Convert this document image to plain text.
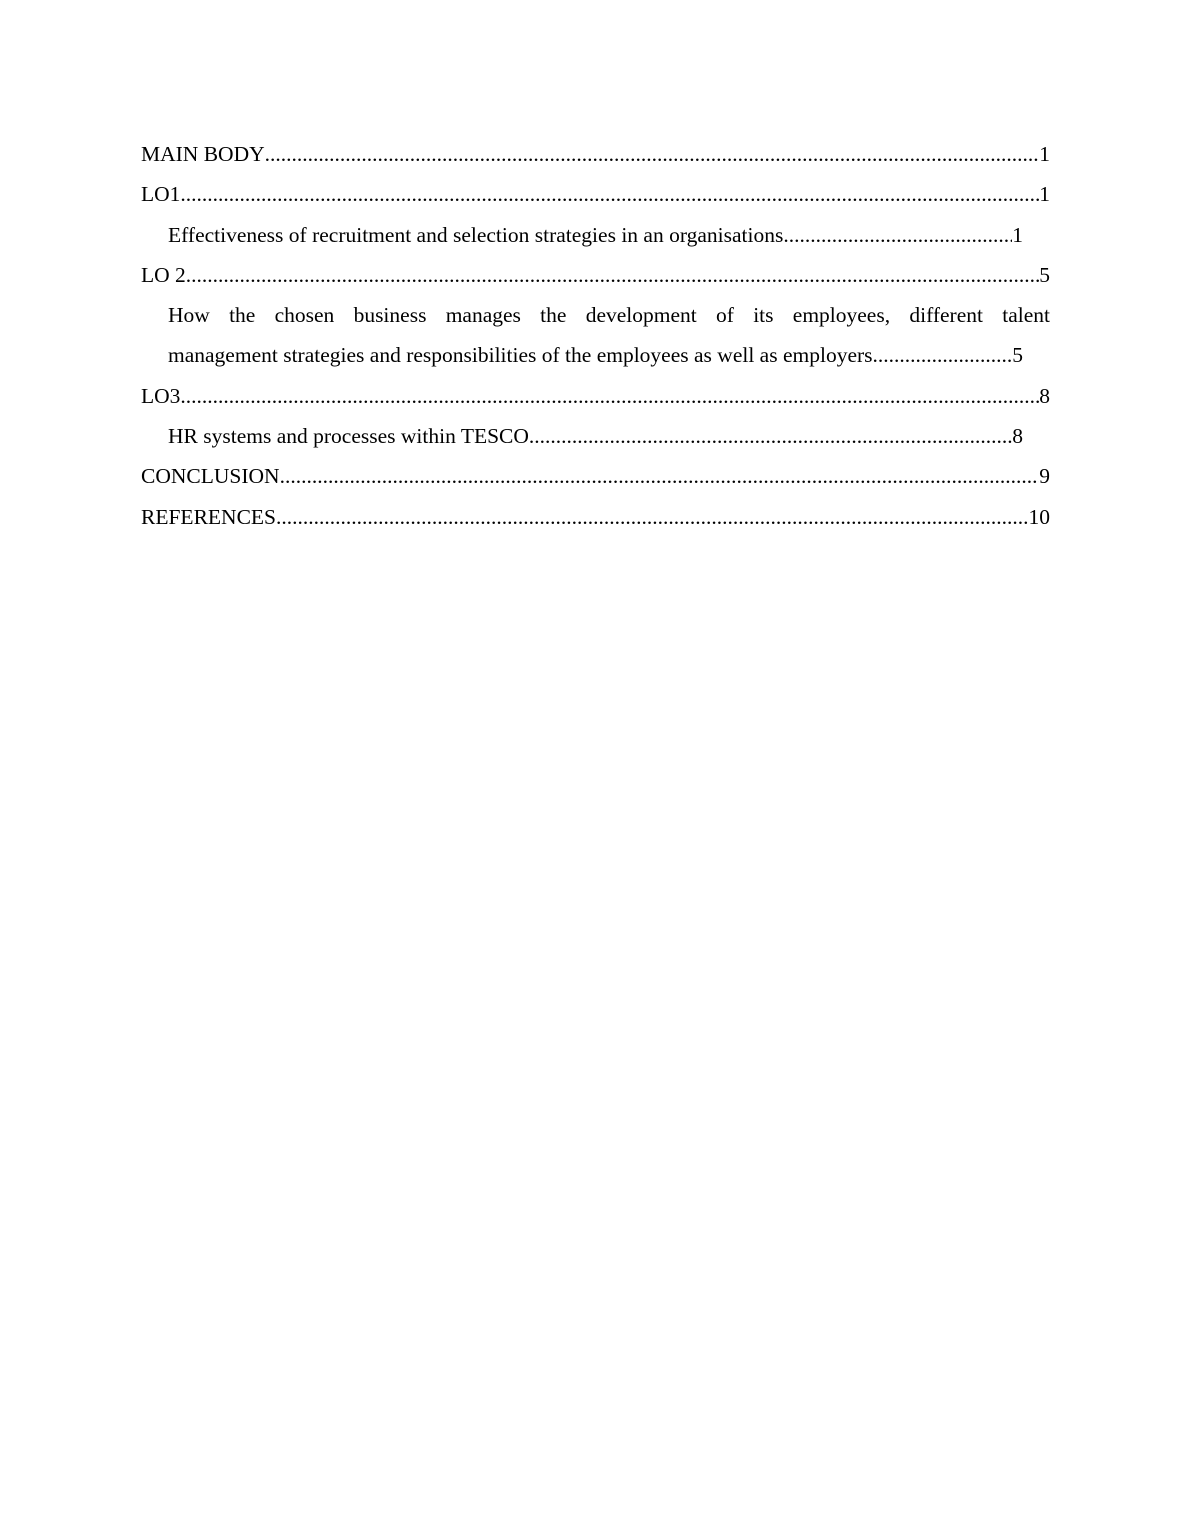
MAIN BODY .....	1
LO1 .....	1
Effectiveness of recruitment and selection strategies in an organisations .....	1
LO 2 .....	5
How the chosen business manages the development of its employees, different talent
management strategies and responsibilities of the employees as well as employers .....	5
LO3 .....	8
HR systems and processes within TESCO .....	8
CONCLUSION .....	9
REFERENCES .....	10
